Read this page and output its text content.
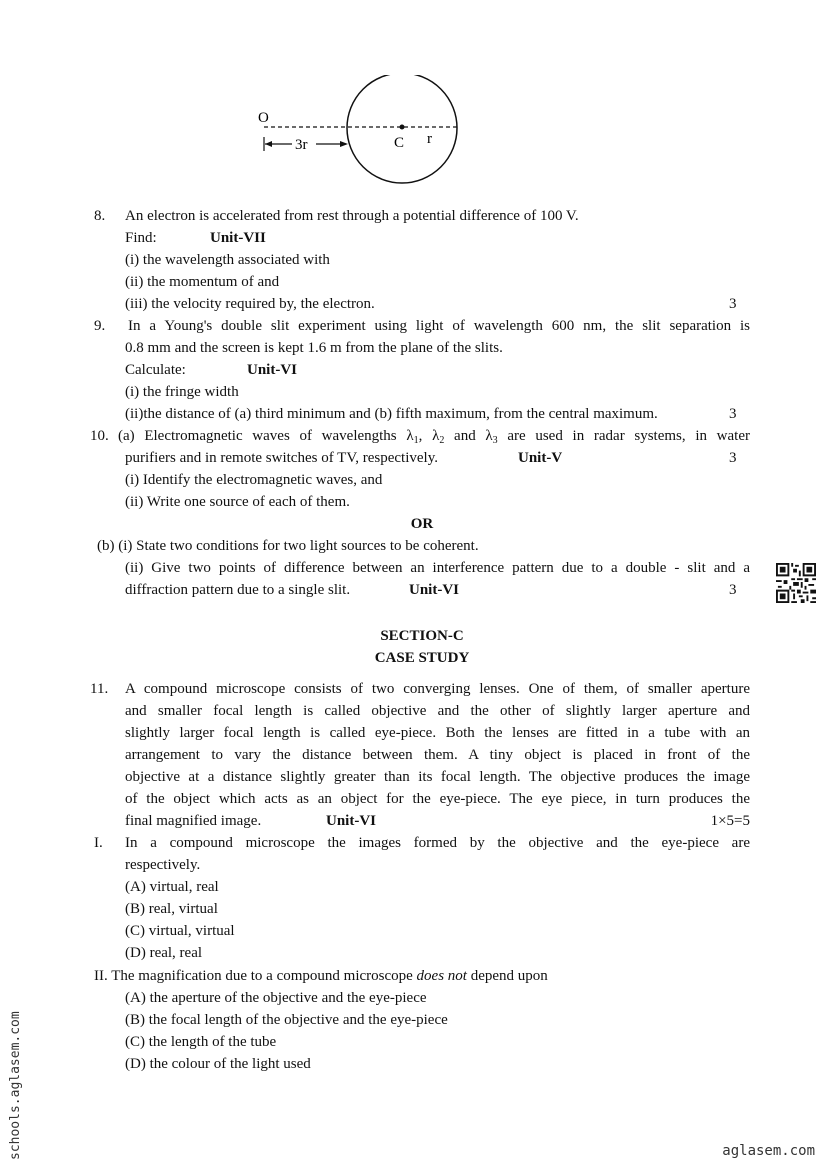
O
C r
3r
8. An electron is accelerated from rest through a potential difference of 100 V.
Find:	Unit-VII
(i) the wavelength associated with
(ii) the momentum of and
(iii) the velocity required by, the electron.	3
9. In a Young's double slit experiment using light of wavelength 600 nm, the slit separation is
0.8 mm and the screen is kept 1.6 m from the plane of the slits.
Calculate:	Unit-VI
(i) the fringe width
(ii)the distance of (a) third minimum and (b) fifth maximum, from the central maximum.	3
10. (a) Electromagnetic waves of wavelengths $\lambda_1$, $\lambda_2$ and $\lambda_3$ are used in radar systems, in water
purifiers and in remote switches of TV, respectively.	Unit-V	3
(i) Identify the electromagnetic waves, and
(ii) Write one source of each of them.
OR
(b) (i) State two conditions for two light sources to be coherent.
(ii) Give two points of difference between an interference pattern due to a double - slit and a
diffraction pattern due to a single slit.	Unit-VI	3
SECTION-C
CASE STUDY
11. A compound microscope consists of two converging lenses. One of them, of smaller aperture
and smaller focal length is called objective and the other of slightly larger aperture and
slightly larger focal length is called eye-piece. Both the lenses are fitted in a tube with an
arrangement to vary the distance between them. A tiny object is placed in front of the
objective at a distance slightly greater than its focal length. The objective produces the image
of the object which acts as an object for the eye-piece. The eye piece, in turn produces the
final magnified image.	Unit-VI	1×5=5
I. In a compound microscope the images formed by the objective and the eye-piece are
respectively.
(A) virtual, real
(B) real, virtual
(C) virtual, virtual
(D) real, real
II. The magnification due to a compound microscope does not depend upon
(A) the aperture of the objective and the eye-piece
(B) the focal length of the objective and the eye-piece
(C) the length of the tube
(D) the colour of the light used
schools.aglasem.com	aglasem.com
